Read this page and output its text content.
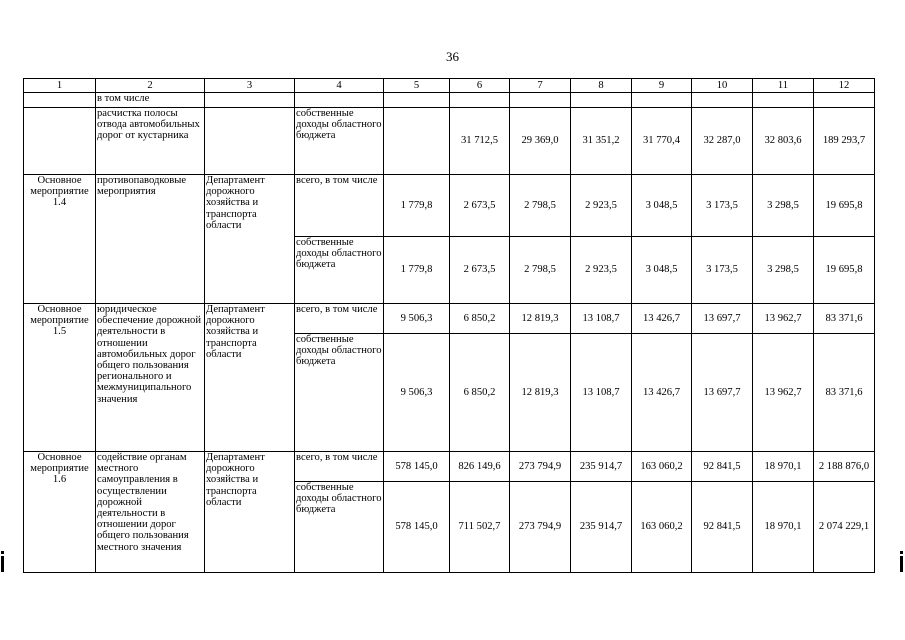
36
1	2	3	4	5	6	7	8	9	10	11	12
	в том числе										
	расчистка полосы отвода автомобильных дорог от кустарника		собственные доходы областного бюджета		31 712,5	29 369,0	31 351,2	31 770,4	32 287,0	32 803,6	189 293,7
Основное мероприятие 1.4	противопаводковые мероприятия	Департамент дорожного хозяйства и транспорта области	всего, в том числе	1 779,8	2 673,5	2 798,5	2 923,5	3 048,5	3 173,5	3 298,5	19 695,8
			собственные доходы областного бюджета	1 779,8	2 673,5	2 798,5	2 923,5	3 048,5	3 173,5	3 298,5	19 695,8
Основное мероприятие 1.5	юридическое обеспечение дорожной деятельности в отношении автомобильных дорог общего пользования регионального и межмуниципального значения	Департамент дорожного хозяйства и транспорта области	всего, в том числе	9 506,3	6 850,2	12 819,3	13 108,7	13 426,7	13 697,7	13 962,7	83 371,6
			собственные доходы областного бюджета	9 506,3	6 850,2	12 819,3	13 108,7	13 426,7	13 697,7	13 962,7	83 371,6
Основное мероприятие 1.6	содействие органам местного самоуправления в осуществлении дорожной деятельности в отношении дорог общего пользования местного значения	Департамент дорожного хозяйства и транспорта области	всего, в том числе	578 145,0	826 149,6	273 794,9	235 914,7	163 060,2	92 841,5	18 970,1	2 188 876,0
			собственные доходы областного бюджета	578 145,0	711 502,7	273 794,9	235 914,7	163 060,2	92 841,5	18 970,1	2 074 229,1
